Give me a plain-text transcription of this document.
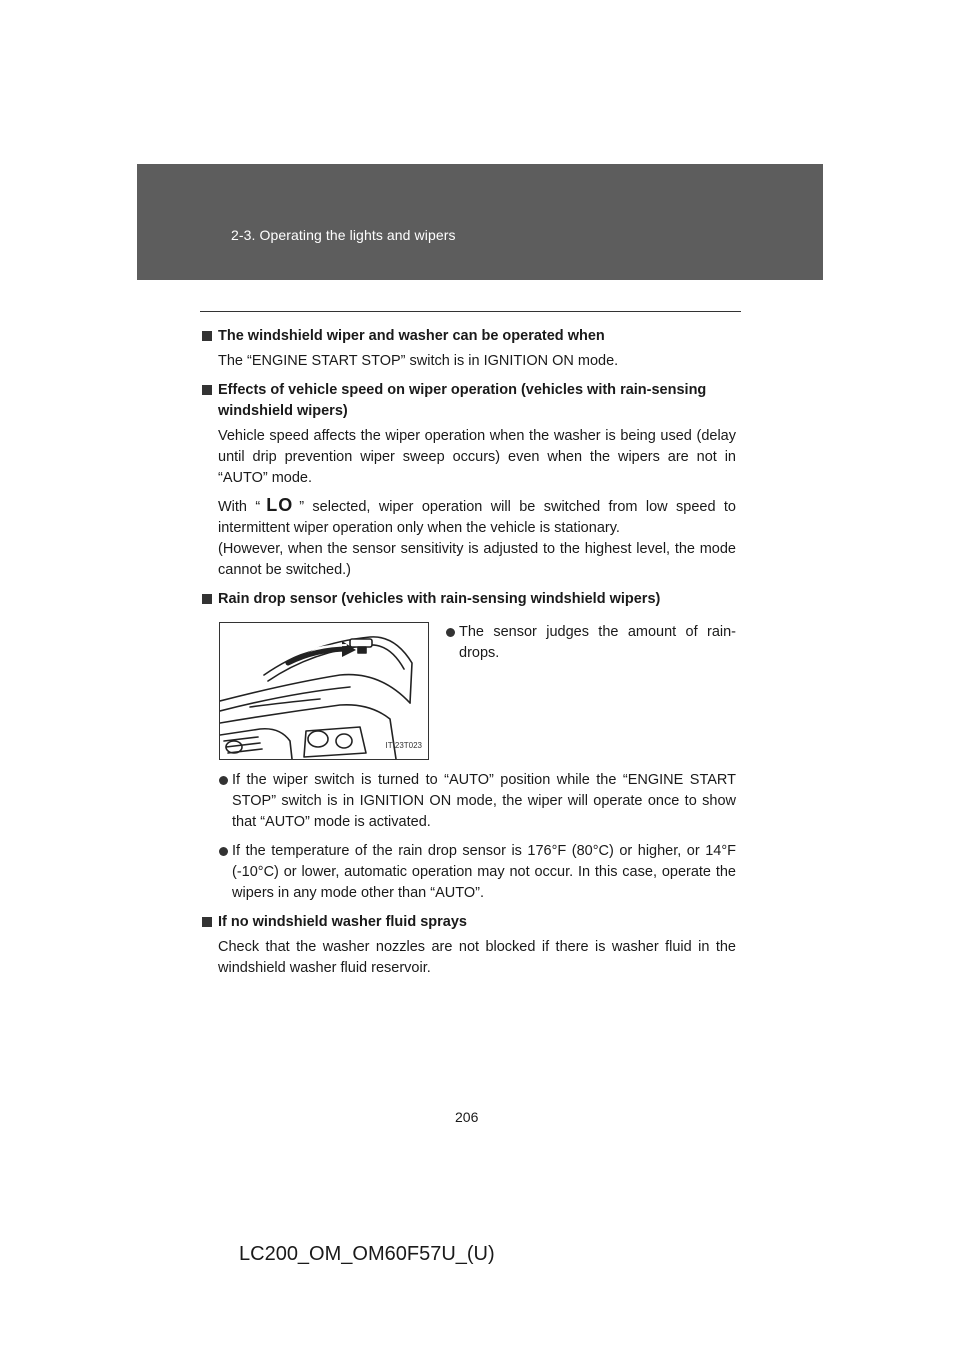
2-3. Operating the lights and wipers
The windshield wiper and washer can be operated when
The “ENGINE START STOP” switch is in IGNITION ON mode.
Effects of vehicle speed on wiper operation (vehicles with rain-sensing windshield wipers)
Vehicle speed affects the wiper operation when the washer is being used (delay until drip prevention wiper sweep occurs) even when the wipers are not in “AUTO” mode.
With “ LO ” selected, wiper operation will be switched from low speed to intermittent wiper operation only when the vehicle is stationary.
(However, when the sensor sensitivity is adjusted to the highest level, the mode cannot be switched.)
Rain drop sensor (vehicles with rain-sensing windshield wipers)
ITI23T023
The sensor judges the amount of rain-drops.
If the wiper switch is turned to “AUTO” position while the “ENGINE START STOP” switch is in IGNITION ON mode, the wiper will operate once to show that “AUTO” mode is activated.
If the temperature of the rain drop sensor is 176°F (80°C) or higher, or 14°F (-10°C) or lower, automatic operation may not occur. In this case, operate the wipers in any mode other than “AUTO”.
If no windshield washer fluid sprays
Check that the washer nozzles are not blocked if there is washer fluid in the windshield washer fluid reservoir.
206
LC200_OM_OM60F57U_(U)
